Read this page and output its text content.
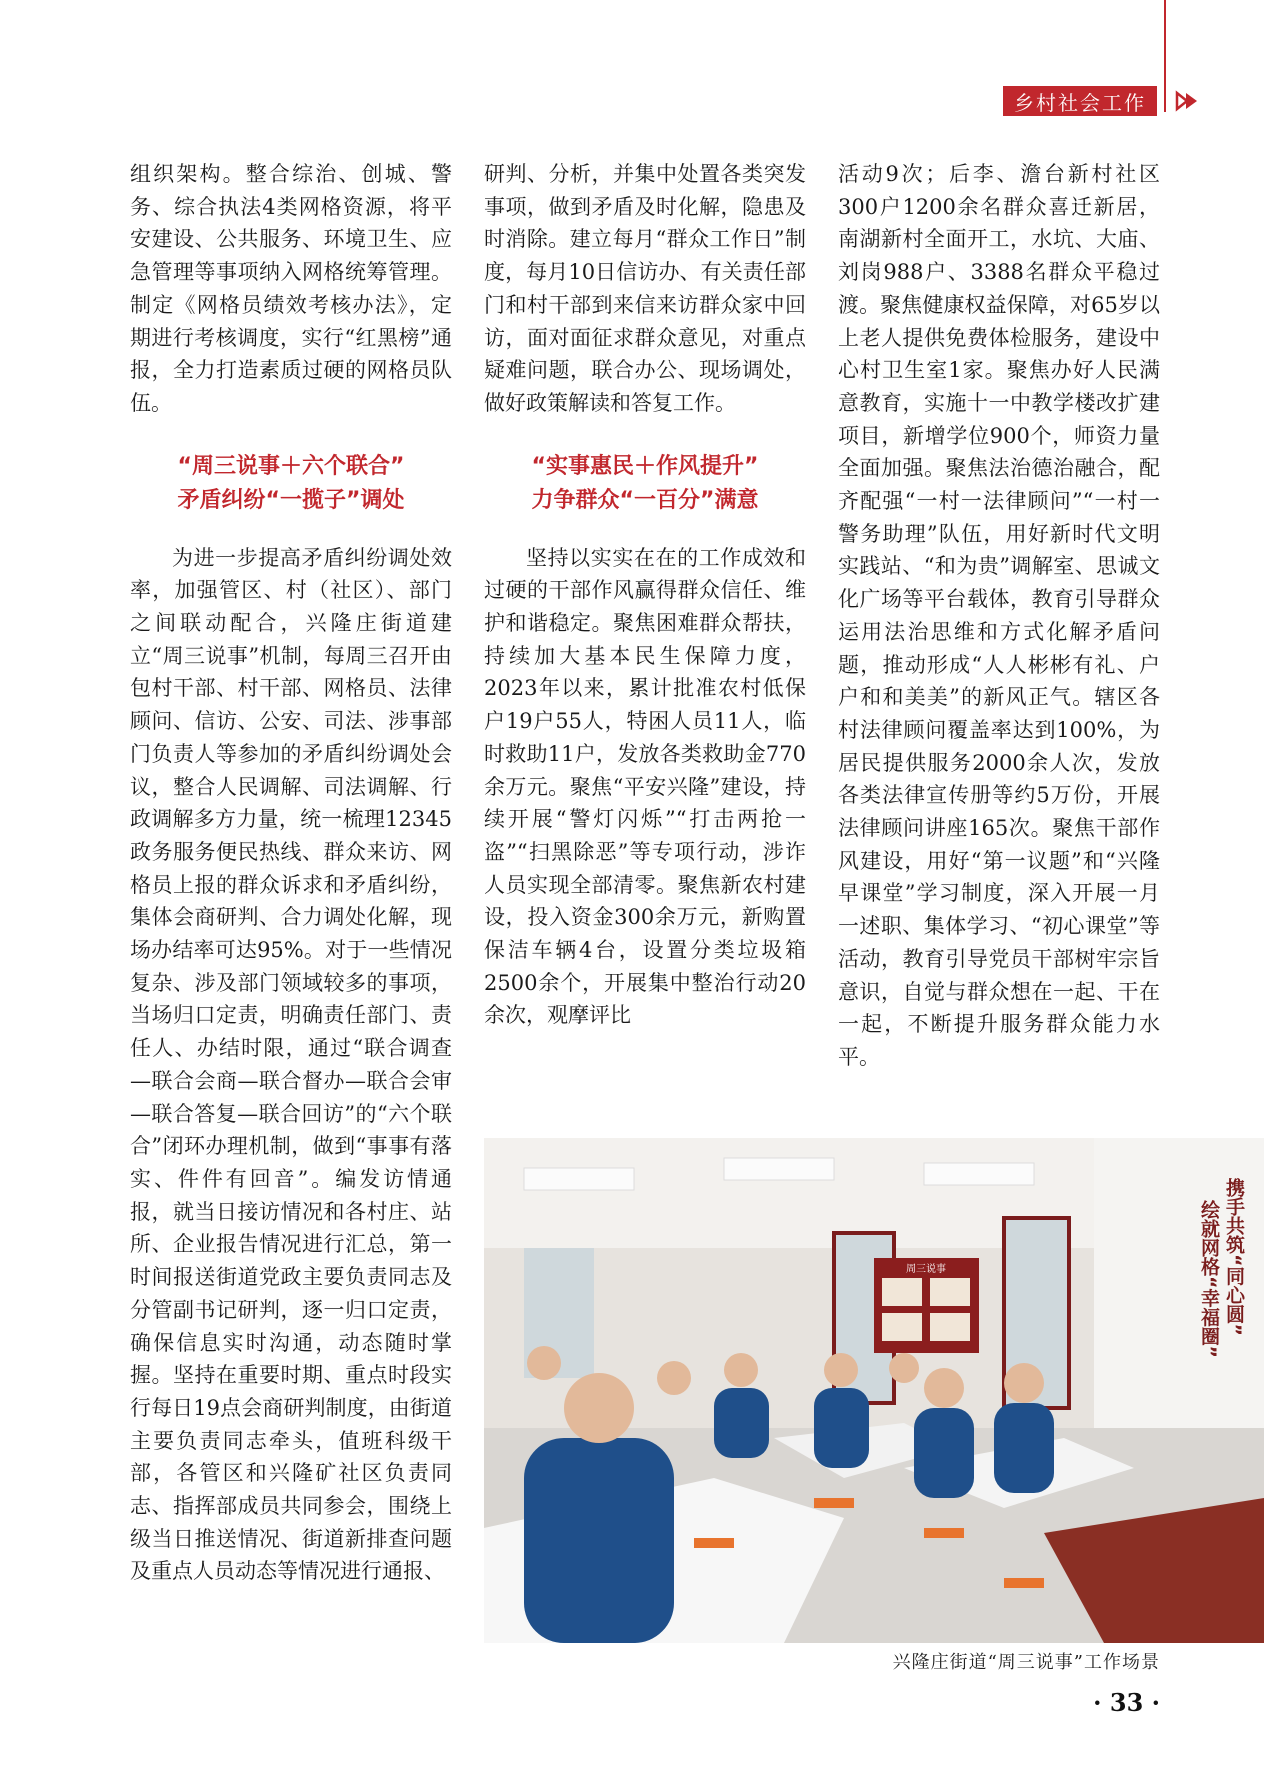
乡村社会工作

组织架构。整合综治、创城、警务、综合执法4类网格资源，将平安建设、公共服务、环境卫生、应急管理等事项纳入网格统筹管理。制定《网格员绩效考核办法》，定期进行考核调度，实行“红黑榜”通报，全力打造素质过硬的网格员队伍。

“周三说事＋六个联合”
矛盾纠纷“一揽子”调处

为进一步提高矛盾纠纷调处效率，加强管区、村（社区）、部门之间联动配合，兴隆庄街道建立“周三说事”机制，每周三召开由包村干部、村干部、网格员、法律顾问、信访、公安、司法、涉事部门负责人等参加的矛盾纠纷调处会议，整合人民调解、司法调解、行政调解多方力量，统一梳理12345政务服务便民热线、群众来访、网格员上报的群众诉求和矛盾纠纷，集体会商研判、合力调处化解，现场办结率可达95%。对于一些情况复杂、涉及部门领域较多的事项，当场归口定责，明确责任部门、责任人、办结时限，通过“联合调查—联合会商—联合督办—联合会审—联合答复—联合回访”的“六个联合”闭环办理机制，做到“事事有落实、件件有回音”。编发访情通报，就当日接访情况和各村庄、站所、企业报告情况进行汇总，第一时间报送街道党政主要负责同志及分管副书记研判，逐一归口定责，确保信息实时沟通，动态随时掌握。坚持在重要时期、重点时段实行每日19点会商研判制度，由街道主要负责同志牵头，值班科级干部，各管区和兴隆矿社区负责同志、指挥部成员共同参会，围绕上级当日推送情况、街道新排查问题及重点人员动态等情况进行通报、

研判、分析，并集中处置各类突发事项，做到矛盾及时化解，隐患及时消除。建立每月“群众工作日”制度，每月10日信访办、有关责任部门和村干部到来信来访群众家中回访，面对面征求群众意见，对重点疑难问题，联合办公、现场调处，做好政策解读和答复工作。

“实事惠民＋作风提升”
力争群众“一百分”满意

坚持以实实在在的工作成效和过硬的干部作风赢得群众信任、维护和谐稳定。聚焦困难群众帮扶，持续加大基本民生保障力度，2023年以来，累计批准农村低保户19户55人，特困人员11人，临时救助11户，发放各类救助金770余万元。聚焦“平安兴隆”建设，持续开展“警灯闪烁”“打击两抢一盗”“扫黑除恶”等专项行动，涉诈人员实现全部清零。聚焦新农村建设，投入资金300余万元，新购置保洁车辆4台，设置分类垃圾箱2500余个，开展集中整治行动20余次，观摩评比

活动9次；后李、澹台新村社区300户1200余名群众喜迁新居，南湖新村全面开工，水坑、大庙、刘岗988户、3388名群众平稳过渡。聚焦健康权益保障，对65岁以上老人提供免费体检服务，建设中心村卫生室1家。聚焦办好人民满意教育，实施十一中教学楼改扩建项目，新增学位900个，师资力量全面加强。聚焦法治德治融合，配齐配强“一村一法律顾问”“一村一警务助理”队伍，用好新时代文明实践站、“和为贵”调解室、思诚文化广场等平台载体，教育引导群众运用法治思维和方式化解矛盾问题，推动形成“人人彬彬有礼、户户和和美美”的新风正气。辖区各村法律顾问覆盖率达到100%，为居民提供服务2000余人次，发放各类法律宣传册等约5万份，开展法律顾问讲座165次。聚焦干部作风建设，用好“第一议题”和“兴隆早课堂”学习制度，深入开展一月一述职、集体学习、“初心课堂”等活动，教育引导党员干部树牢宗旨意识，自觉与群众想在一起、干在一起，不断提升服务群众能力水平。

周三说事	携手共筑“同心圆”
绘就网格“幸福圈”
兴隆庄街道“周三说事”工作场景
· 33 ·
